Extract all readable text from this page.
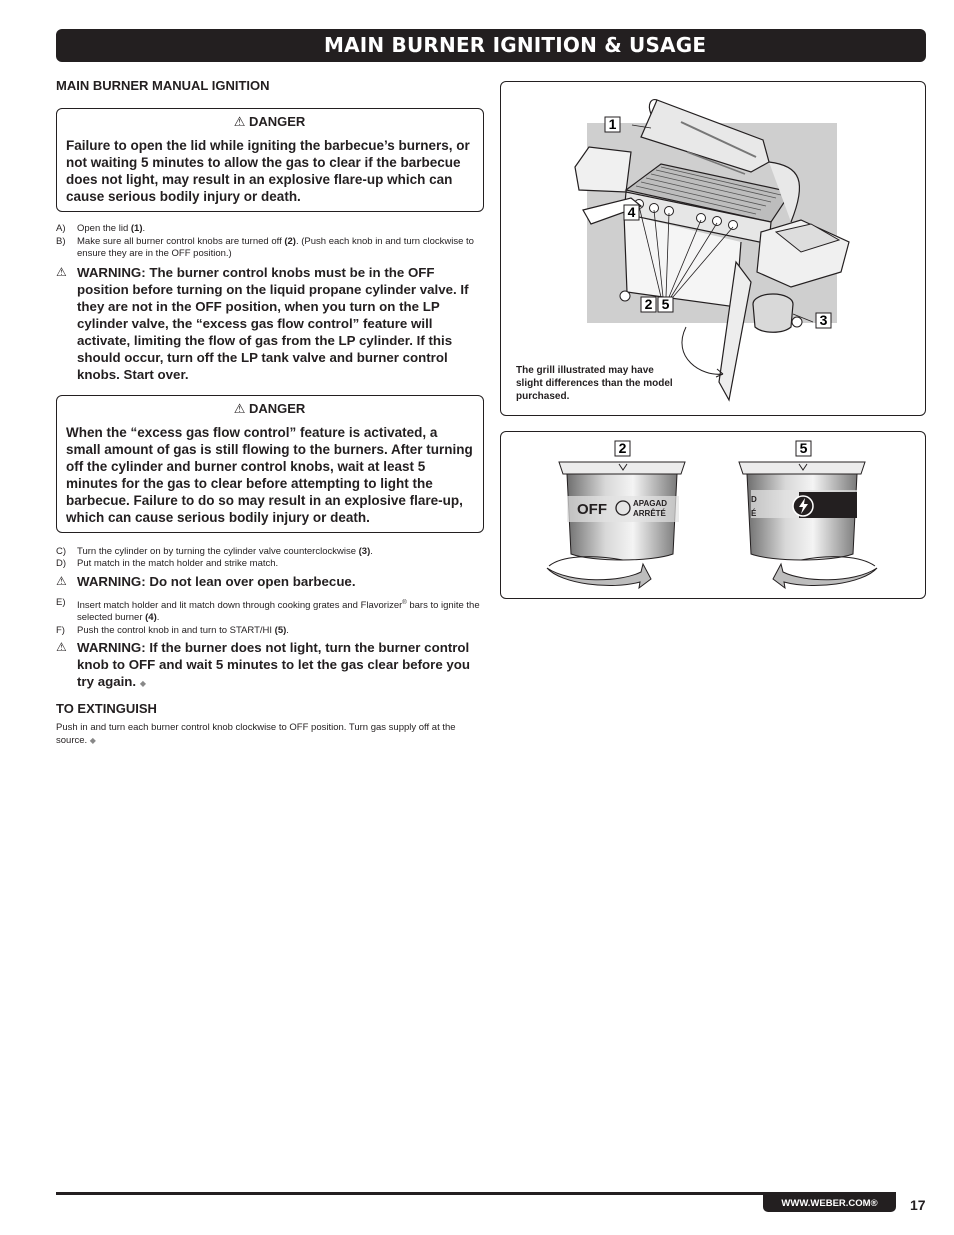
MAIN BURNER IGNITION & USAGE

MAIN BURNER MANUAL IGNITION

⚠ DANGER
Failure to open the lid while igniting the barbecue’s burners, or not waiting 5 minutes to allow the gas to clear if the barbecue does not light, may result in an explosive flare-up which can cause serious bodily injury or death.
A)	Open the lid (1).
B)	Make sure all burner control knobs are turned off (2). (Push each knob in and turn clockwise to ensure they are in the OFF position.)
⚠ WARNING: The burner control knobs must be in the OFF position before turning on the liquid propane cylinder valve. If they are not in the OFF position, when you turn on the LP cylinder valve, the “excess gas flow control” feature will activate, limiting the flow of gas from the LP cylinder. If this should occur, turn off the LP tank valve and burner control knobs. Start over.
⚠ DANGER
When the “excess gas flow control” feature is activated, a small amount of gas is still flowing to the burners. After turning off the cylinder and burner control knobs, wait at least 5 minutes for the gas to clear before attempting to light the barbecue. Failure to do so may result in an explosive flare-up, which can cause serious bodily injury or death.
C)	Turn the cylinder on by turning the cylinder valve counterclockwise (3).
D)	Put match in the match holder and strike match.
⚠ WARNING: Do not lean over open barbecue.
E)	Insert match holder and lit match down through cooking grates and Flavorizer® bars to ignite the selected burner (4).
F)	Push the control knob in and turn to START/HI (5).
⚠ WARNING: If the burner does not light, turn the burner control knob to OFF and wait 5 minutes to let the gas clear before you try again. ◆

TO EXTINGUISH

Push in and turn each burner control knob clockwise to OFF position. Turn gas supply off at the source. ◆

1
4
2 5
3
The grill illustrated may have slight differences than the model purchased.
OFF	APAGAD
ARRÊTÉ
2
D
É
5
WWW.WEBER.COM®	17
